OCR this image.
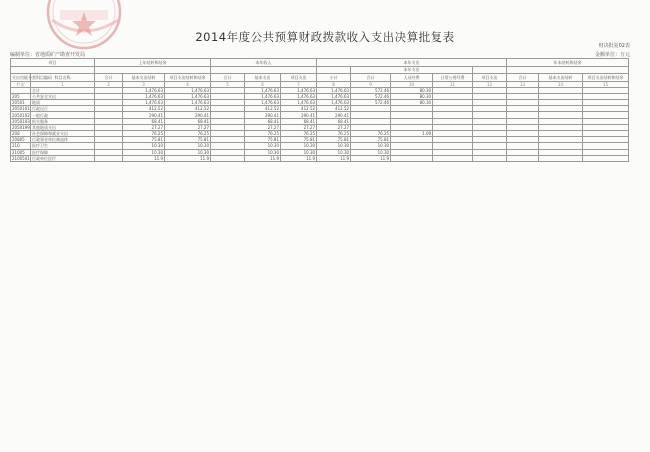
2014年度公共预算财政拨款收入支出决算批复表
财决批复02表
编制单位：省地质矿产勘查开发局	金额单位：万元
项目		上年结转和结余			本年收入			本年支出					年末结转和结余		
									本年支出						
支出功能分类科目编码	科目名称	合计	基本支出结转	项目支出结转和结余	合计	基本支出	项目支出	小计	合计	人员经费	日常公用经费	项目支出	合计	基本支出结转	项目支出结转和结余
栏次	1	2	3	4	5	6	7	8	9	10	11	12	13	14	15
	合计		1,476.63	1,476.63		1,476.63	1,476.63	1,476.63	572.46	80.30					
205	公共安全支出		1,476.63	1,476.63		1,476.63	1,476.63	1,476.63	572.46	80.30					
20501	地质		1,476.63	1,476.63		1,476.63	1,476.63	1,476.63	572.46	80.30					
2050101	行政运行		412.52	412.52		412.52	412.52	412.52							
2050102	一般行政		290.41	290.41		290.41	290.41	290.41							
2050103	机关服务		68.41	68.41		68.41	68.41	68.41							
2050199	其他地质支出		27.27	27.27		27.27	27.27	27.27							
208	社会保障和就业支出		76.25	76.25		76.25	76.25	76.25	76.25	1.09					
20805	行政事业单位离退休		75.81	75.81		75.81	75.81	75.81	75.81						
210	医疗卫生		10.30	10.30		10.30	10.30	10.30	10.30						
21005	医疗保障		10.30	10.30		10.30	10.30	10.30	10.30						
2100501	行政单位医疗		11.9	11.9		11.9	11.9	11.9	11.9						
